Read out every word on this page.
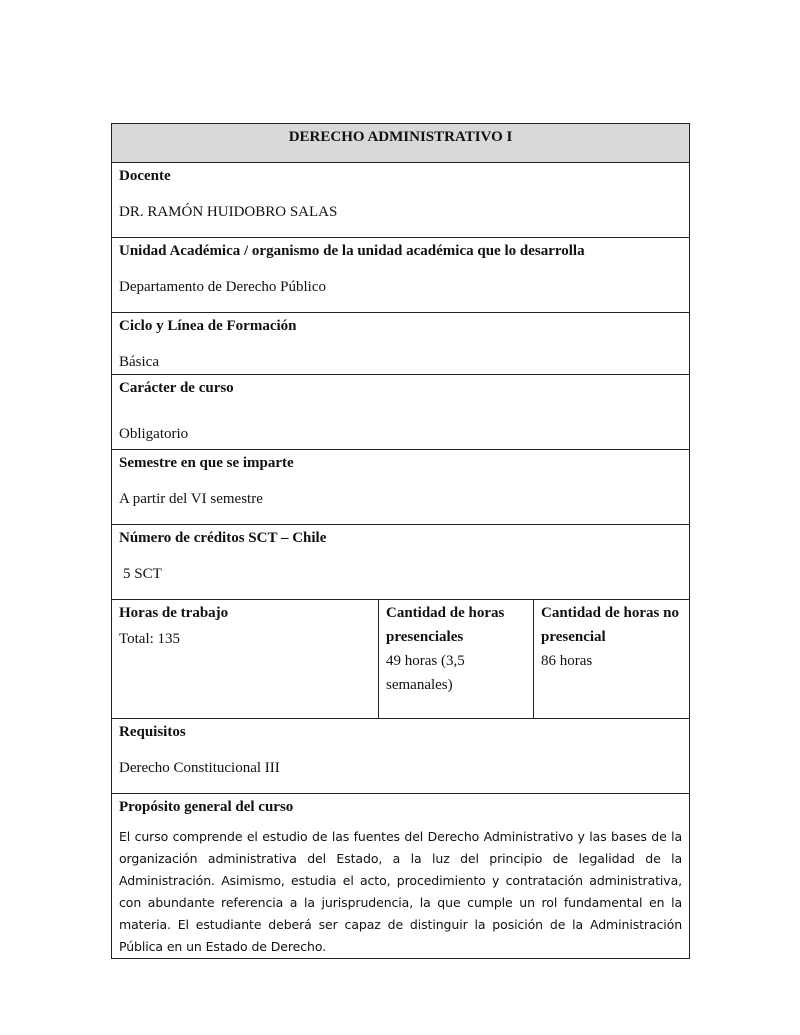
DERECHO ADMINISTRATIVO I

Docente
DR. RAMÓN HUIDOBRO SALAS

Unidad Académica / organismo de la unidad académica que lo desarrolla
Departamento de Derecho Público

Ciclo y Línea de Formación
Básica

Carácter de curso
Obligatorio

Semestre en que se imparte
A partir del VI semestre

Número de créditos SCT – Chile
5 SCT

Horas de trabajo
Total: 135

Cantidad de horas presenciales
49 horas (3,5 semanales)

Cantidad de horas no presencial
86 horas

Requisitos
Derecho Constitucional III

Propósito general del curso
El curso comprende el estudio de las fuentes del Derecho Administrativo y las bases de la organización administrativa del Estado, a la luz del principio de legalidad de la Administración. Asimismo, estudia el acto, procedimiento y contratación administrativa, con abundante referencia a la jurisprudencia, la que cumple un rol fundamental en la materia. El estudiante deberá ser capaz de distinguir la posición de la Administración Pública en un Estado de Derecho.
